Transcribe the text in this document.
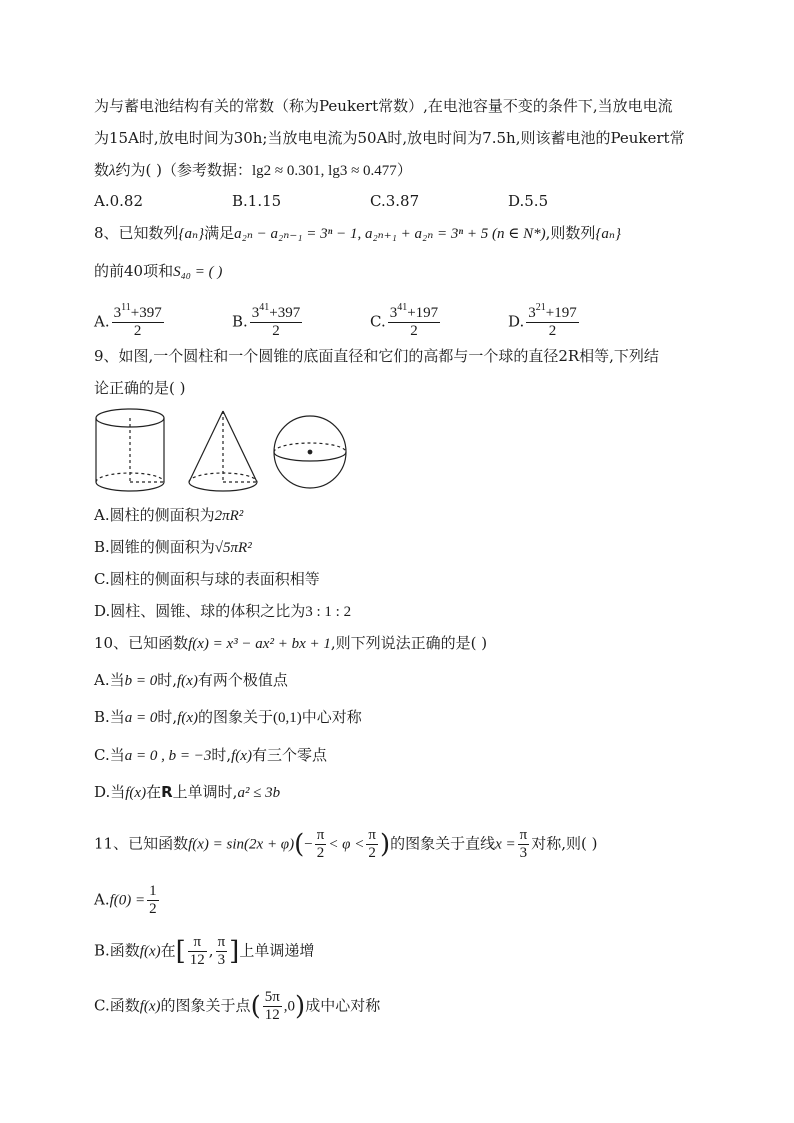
为与蓄电池结构有关的常数（称为Peukert常数）,在电池容量不变的条件下,当放电电流
为15A时,放电时间为30h;当放电电流为50A时,放电时间为7.5h,则该蓄电池的Peukert常
数λ约为( )（参考数据：lg2 ≈ 0.301, lg3 ≈ 0.477）
A.0.82	B.1.15	C.3.87	D.5.5
8、已知数列{aₙ}满足a₂ₙ − a₂ₙ₋₁ = 3ⁿ − 1, a₂ₙ₊₁ + a₂ₙ = 3ⁿ + 5 (n ∈ N*),则数列{aₙ}
的前40项和S₄₀ = ( )
A. $\frac{3^{11}+397}{2}$	B. $\frac{3^{41}+397}{2}$	C. $\frac{3^{41}+197}{2}$	D. $\frac{3^{21}+197}{2}$
9、如图,一个圆柱和一个圆锥的底面直径和它们的高都与一个球的直径2R相等,下列结
论正确的是( )
A.圆柱的侧面积为2πR²
B.圆锥的侧面积为√5πR²
C.圆柱的侧面积与球的表面积相等
D.圆柱、圆锥、球的体积之比为3 : 1 : 2
10、已知函数f(x) = x³ − ax² + bx + 1,则下列说法正确的是( )
A.当b = 0时,f(x)有两个极值点
B.当a = 0时,f(x)的图象关于(0,1)中心对称
C.当a = 0 , b = −3时,f(x)有三个零点
D.当f(x)在R上单调时,a² ≤ 3b
11、已知函数$f(x) = \sin(2x + \varphi)(- \frac{\pi}{2} < \varphi < \frac{\pi}{2}$ )的图象关于直线$x = \frac{\pi}{3}$ 对称,则( )
$A.f(0) = \frac{1}{2}$
B.函数f(x)在[ $\frac{\pi}{12}$ , $\frac{\pi}{3}$ ]上单调递增
C.函数f(x)的图象关于点( $\frac{5\pi}{12} ,0$)成中心对称
